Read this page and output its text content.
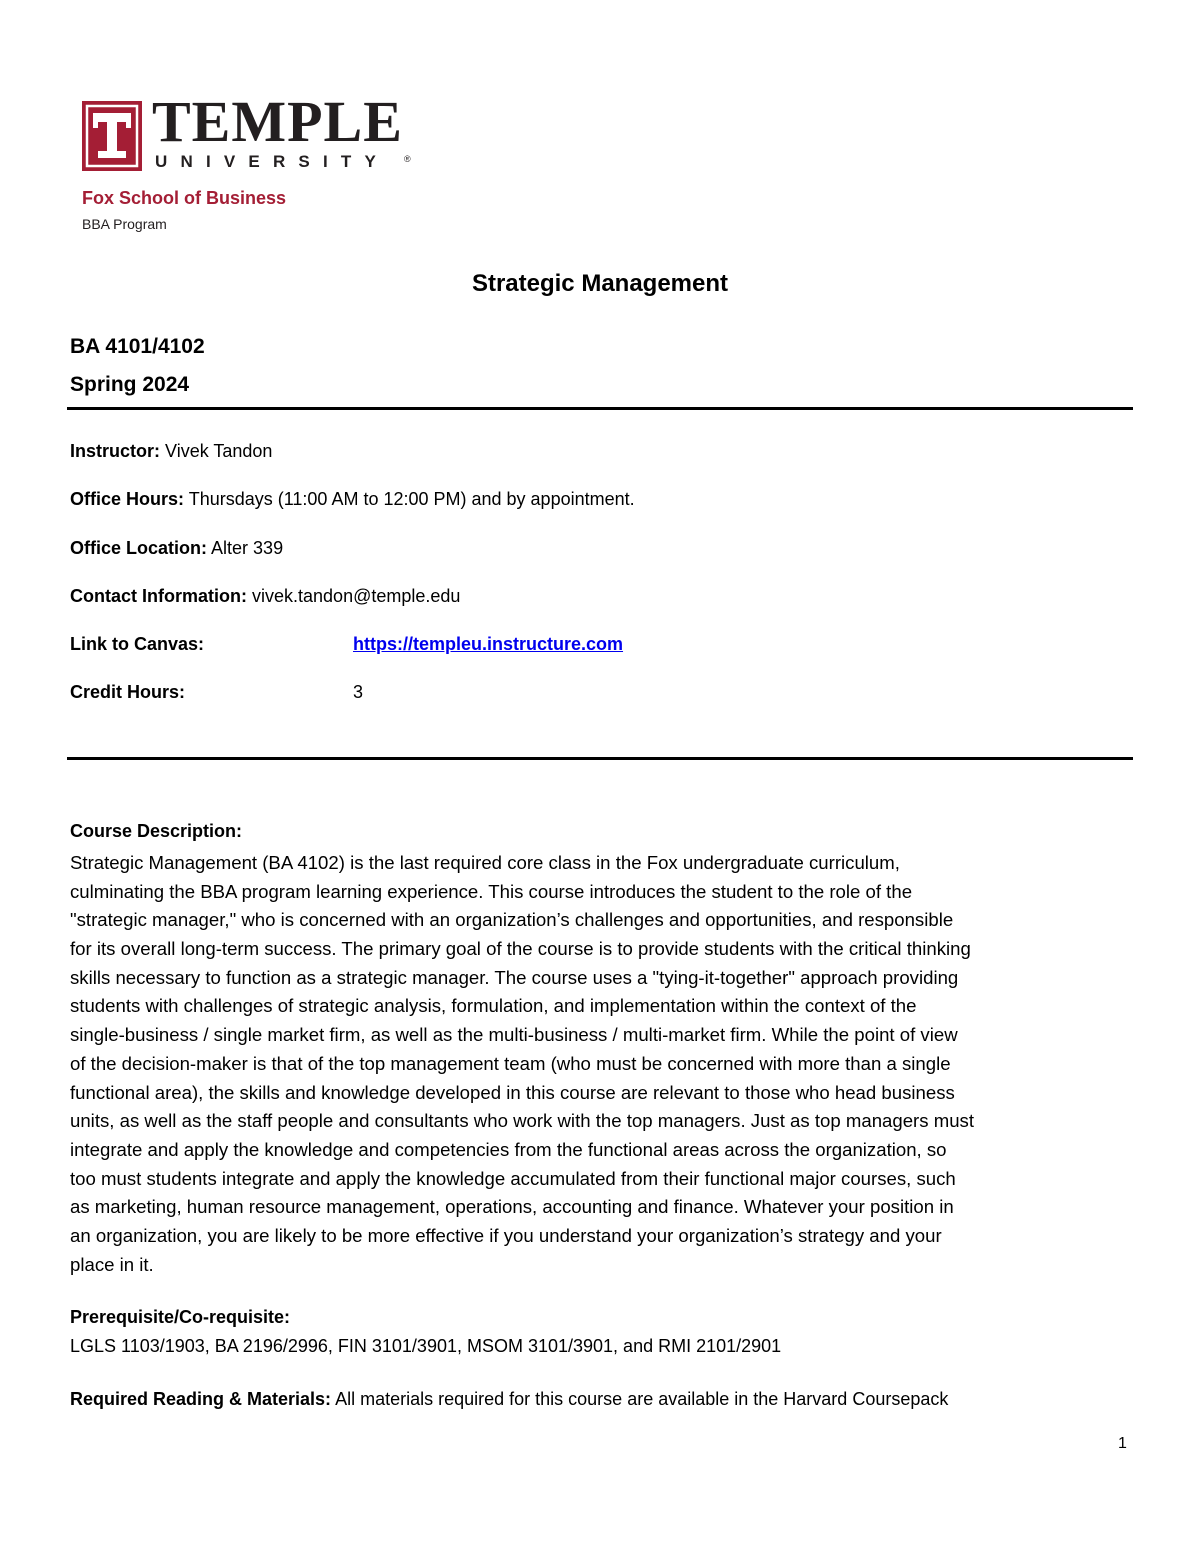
TEMPLE
UNIVERSITY ®
Fox School of Business
BBA Program
Strategic Management
BA 4101/4102
Spring 2024
Instructor: Vivek Tandon
Office Hours: Thursdays (11:00 AM to 12:00 PM) and by appointment.
Office Location: Alter 339
Contact Information: vivek.tandon@temple.edu
Link to Canvas:	https://templeu.instructure.com
Credit Hours:	3
Course Description:
Strategic Management (BA 4102) is the last required core class in the Fox undergraduate curriculum,
culminating the BBA program learning experience. This course introduces the student to the role of the
"strategic manager," who is concerned with an organization’s challenges and opportunities, and responsible
for its overall long-term success. The primary goal of the course is to provide students with the critical thinking
skills necessary to function as a strategic manager. The course uses a "tying-it-together" approach providing
students with challenges of strategic analysis, formulation, and implementation within the context of the
single-business / single market firm, as well as the multi-business / multi-market firm. While the point of view
of the decision-maker is that of the top management team (who must be concerned with more than a single
functional area), the skills and knowledge developed in this course are relevant to those who head business
units, as well as the staff people and consultants who work with the top managers. Just as top managers must
integrate and apply the knowledge and competencies from the functional areas across the organization, so
too must students integrate and apply the knowledge accumulated from their functional major courses, such
as marketing, human resource management, operations, accounting and finance. Whatever your position in
an organization, you are likely to be more effective if you understand your organization’s strategy and your
place in it.
Prerequisite/Co-requisite:
LGLS 1103/1903, BA 2196/2996, FIN 3101/3901, MSOM 3101/3901, and RMI 2101/2901
Required Reading & Materials: All materials required for this course are available in the Harvard Coursepack
1
